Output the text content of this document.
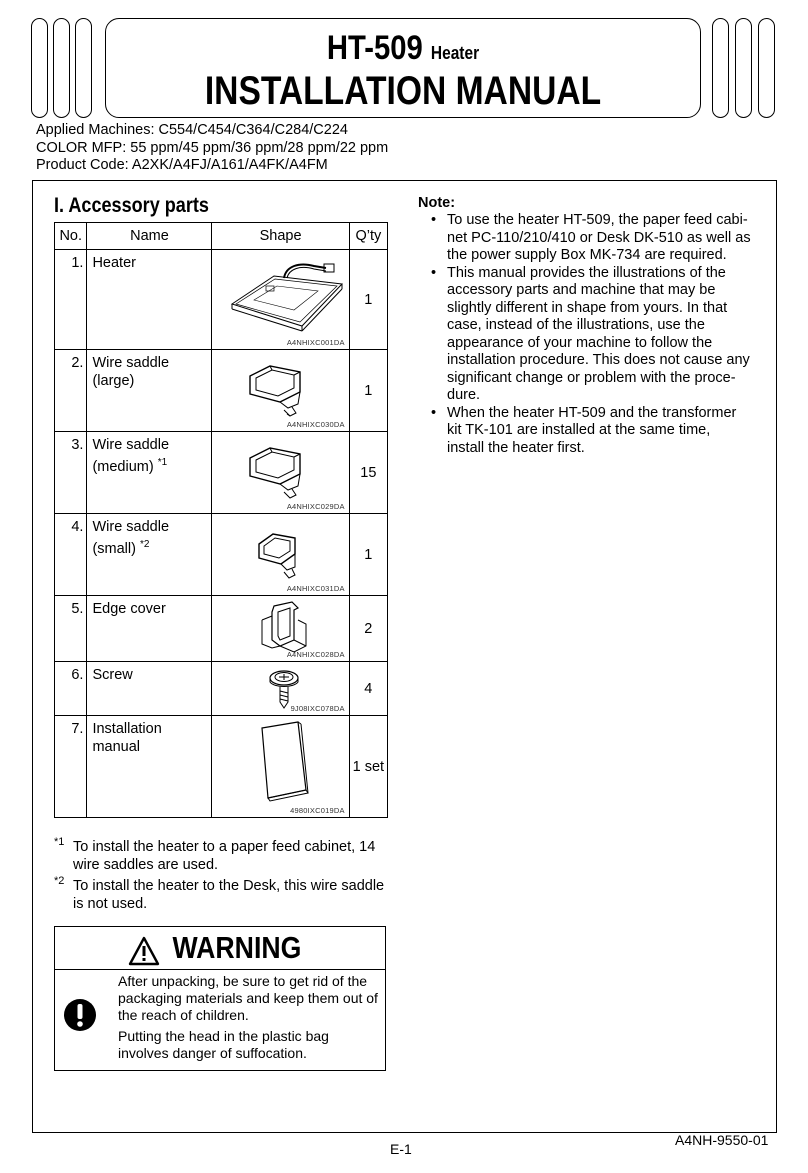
HT-509 Heater
INSTALLATION MANUAL
Applied Machines: C554/C454/C364/C284/C224
COLOR MFP: 55 ppm/45 ppm/36 ppm/28 ppm/22 ppm
Product Code: A2XK/A4FJ/A161/A4FK/A4FM
I. Accessory parts
No.	Name	Shape	Q’ty
1.	Heater	A4NHIXC001DA	1
2.	Wire saddle (large)	A4NHIXC030DA	1
3.	Wire saddle (medium) $^{*1}$	A4NHIXC029DA	15
4.	Wire saddle (small) $^{*2}$	A4NHIXC031DA	1
5.	Edge cover	A4NHIXC028DA	2
6.	Screw	9J08IXC078DA	4
7.	Installation manual	4980IXC019DA	1 set
*1 To install the heater to a paper feed cabinet, 14 wire saddles are used.
*2 To install the heater to the Desk, this wire saddle is not used.
WARNING

After unpacking, be sure to get rid of the packaging materials and keep them out of the reach of children.

Putting the head in the plastic bag involves danger of suffocation.

Note:
• To use the heater HT-509, the paper feed cabi-net PC-110/210/410 or Desk DK-510 as well as the power supply Box MK-734 are required.
• This manual provides the illustrations of the accessory parts and machine that may be slightly different in shape from yours. In that case, instead of the illustrations, use the appearance of your machine to follow the installation procedure. This does not cause any significant change or problem with the proce-dure.
• When the heater HT-509 and the transformer kit TK-101 are installed at the same time, install the heater first.
E-1
A4NH-9550-01
